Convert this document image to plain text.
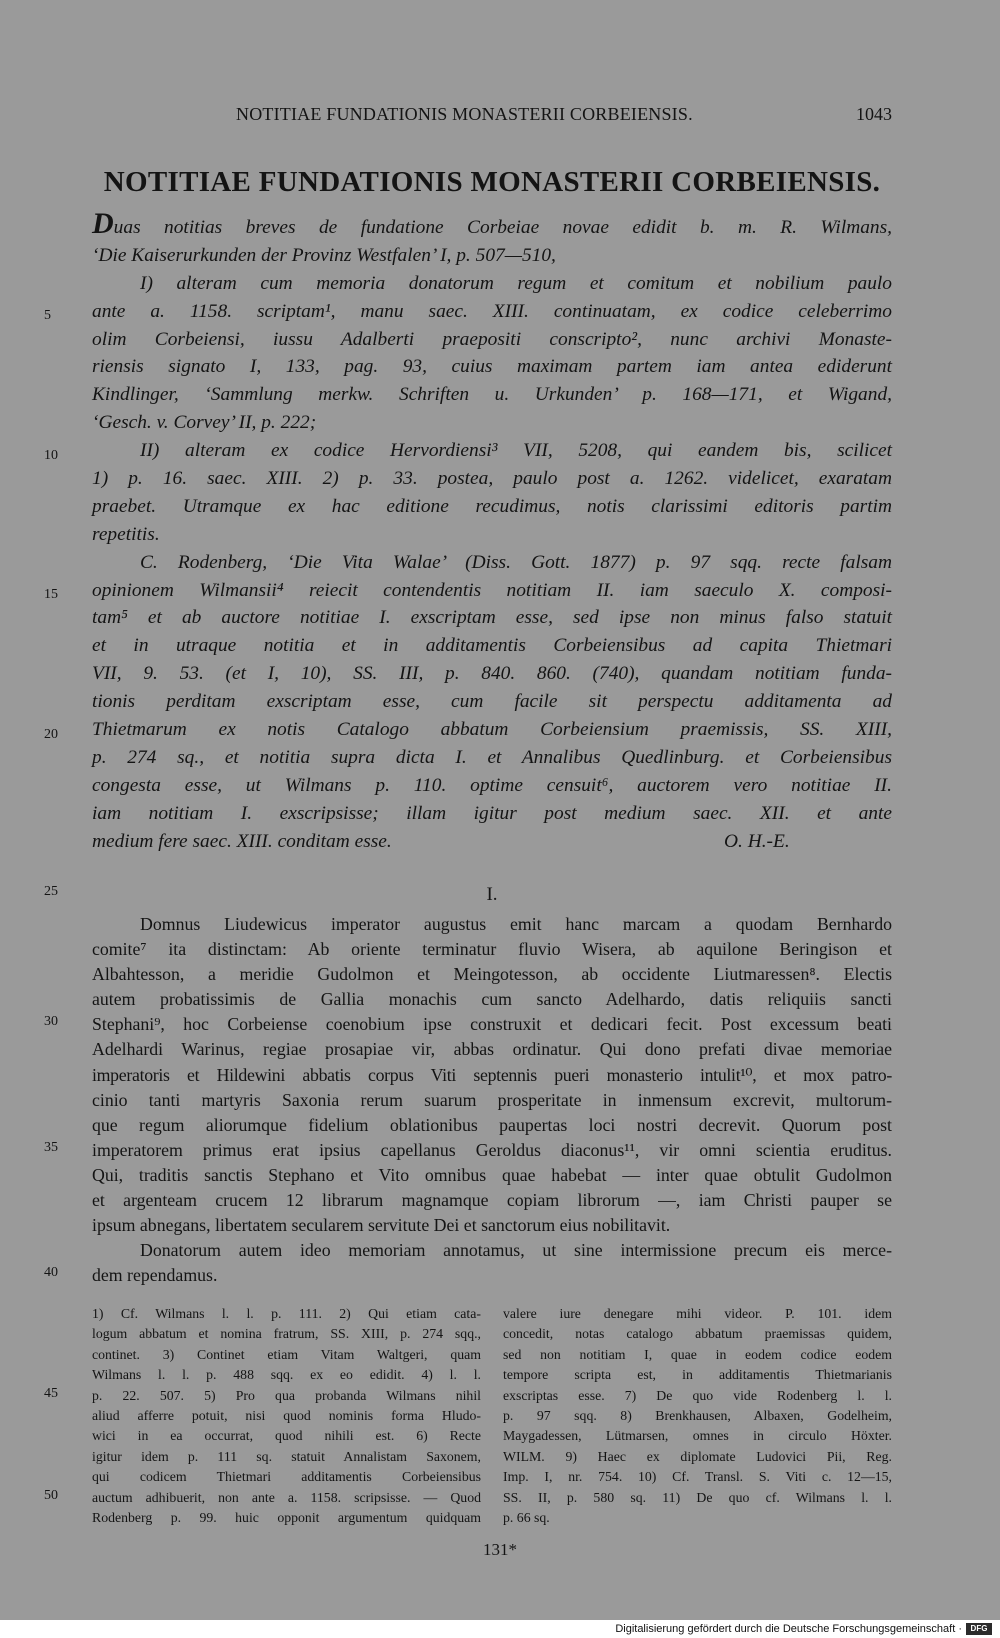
NOTITIAE FUNDATIONIS MONASTERII CORBEIENSIS.	1043
NOTITIAE FUNDATIONIS MONASTERII CORBEIENSIS.
Duas notitias breves de fundatione Corbeiae novae edidit b. m. R. Wilmans,
‘Die Kaiserurkunden der Provinz Westfalen’ I, p. 507—510,
I) alteram cum memoria donatorum regum et comitum et nobilium paulo
ante a. 1158. scriptam¹, manu saec. XIII. continuatam, ex codice celeberrimo
olim Corbeiensi, iussu Adalberti praepositi conscripto², nunc archivi Monaste-
riensis signato I, 133, pag. 93, cuius maximam partem iam antea ediderunt
Kindlinger, ‘Sammlung merkw. Schriften u. Urkunden’ p. 168—171, et Wigand,
‘Gesch. v. Corvey’ II, p. 222;
II) alteram ex codice Hervordiensi³ VII, 5208, qui eandem bis, scilicet
1) p. 16. saec. XIII. 2) p. 33. postea, paulo post a. 1262. videlicet, exaratam
praebet. Utramque ex hac editione recudimus, notis clarissimi editoris partim
repetitis.
C. Rodenberg, ‘Die Vita Walae’ (Diss. Gott. 1877) p. 97 sqq. recte falsam
opinionem Wilmansii⁴ reiecit contendentis notitiam II. iam saeculo X. composi-
tam⁵ et ab auctore notitiae I. exscriptam esse, sed ipse non minus falso statuit
et in utraque notitia et in additamentis Corbeiensibus ad capita Thietmari
VII, 9. 53. (et I, 10), SS. III, p. 840. 860. (740), quandam notitiam funda-
tionis perditam exscriptam esse, cum facile sit perspectu additamenta ad
Thietmarum ex notis Catalogo abbatum Corbeiensium praemissis, SS. XIII,
p. 274 sq., et notitia supra dicta I. et Annalibus Quedlinburg. et Corbeiensibus
congesta esse, ut Wilmans p. 110. optime censuit⁶, auctorem vero notitiae II.
iam notitiam I. exscripsisse; illam igitur post medium saec. XII. et ante
medium fere saec. XIII. conditam esse.	O. H.-E.
5
10
15
20
25
30
35
40
45
50
I.
Domnus Liudewicus imperator augustus emit hanc marcam a quodam Bernhardo
comite⁷ ita distinctam: Ab oriente terminatur fluvio Wisera, ab aquilone Beringison et
Albahtesson, a meridie Gudolmon et Meingotesson, ab occidente Liutmaressen⁸. Electis
autem probatissimis de Gallia monachis cum sancto Adelhardo, datis reliquiis sancti
Stephani⁹, hoc Corbeiense coenobium ipse construxit et dedicari fecit. Post excessum beati
Adelhardi Warinus, regiae prosapiae vir, abbas ordinatur. Qui dono prefati divae memoriae
imperatoris et Hildewini abbatis corpus Viti septennis pueri monasterio intulit¹⁰, et mox patro-
cinio tanti martyris Saxonia rerum suarum prosperitate in inmensum excrevit, multorum-
que regum aliorumque fidelium oblationibus paupertas loci nostri decrevit. Quorum post
imperatorem primus erat ipsius capellanus Geroldus diaconus¹¹, vir omni scientia eruditus.
Qui, traditis sanctis Stephano et Vito omnibus quae habebat — inter quae obtulit Gudolmon
et argenteam crucem 12 librarum magnamque copiam librorum —, iam Christi pauper se
ipsum abnegans, libertatem secularem servitute Dei et sanctorum eius nobilitavit.
Donatorum autem ideo memoriam annotamus, ut sine intermissione precum eis merce-
dem rependamus.
1) Cf. Wilmans l. l. p. 111. 2) Qui etiam cata-
logum abbatum et nomina fratrum, SS. XIII, p. 274 sqq.,
continet. 3) Continet etiam Vitam Waltgeri, quam
Wilmans l. l. p. 488 sqq. ex eo edidit. 4) l. l.
p. 22. 507. 5) Pro qua probanda Wilmans nihil
aliud afferre potuit, nisi quod nominis forma Hludo-
wici in ea occurrat, quod nihili est. 6) Recte
igitur idem p. 111 sq. statuit Annalistam Saxonem,
qui codicem Thietmari additamentis Corbeiensibus
auctum adhibuerit, non ante a. 1158. scripsisse. — Quod
Rodenberg p. 99. huic opponit argumentum quidquam
valere iure denegare mihi videor. P. 101. idem
concedit, notas catalogo abbatum praemissas quidem,
sed non notitiam I, quae in eodem codice eodem
tempore scripta est, in additamentis Thietmarianis
exscriptas esse. 7) De quo vide Rodenberg l. l.
p. 97 sqq. 8) Brenkhausen, Albaxen, Godelheim,
Maygadessen, Lütmarsen, omnes in circulo Höxter.
WILM. 9) Haec ex diplomate Ludovici Pii, Reg.
Imp. I, nr. 754. 10) Cf. Transl. S. Viti c. 12—15,
SS. II, p. 580 sq. 11) De quo cf. Wilmans l. l.
p. 66 sq.
131*
Digitalisierung gefördert durch die Deutsche Forschungsgemeinschaft ·	DFG
